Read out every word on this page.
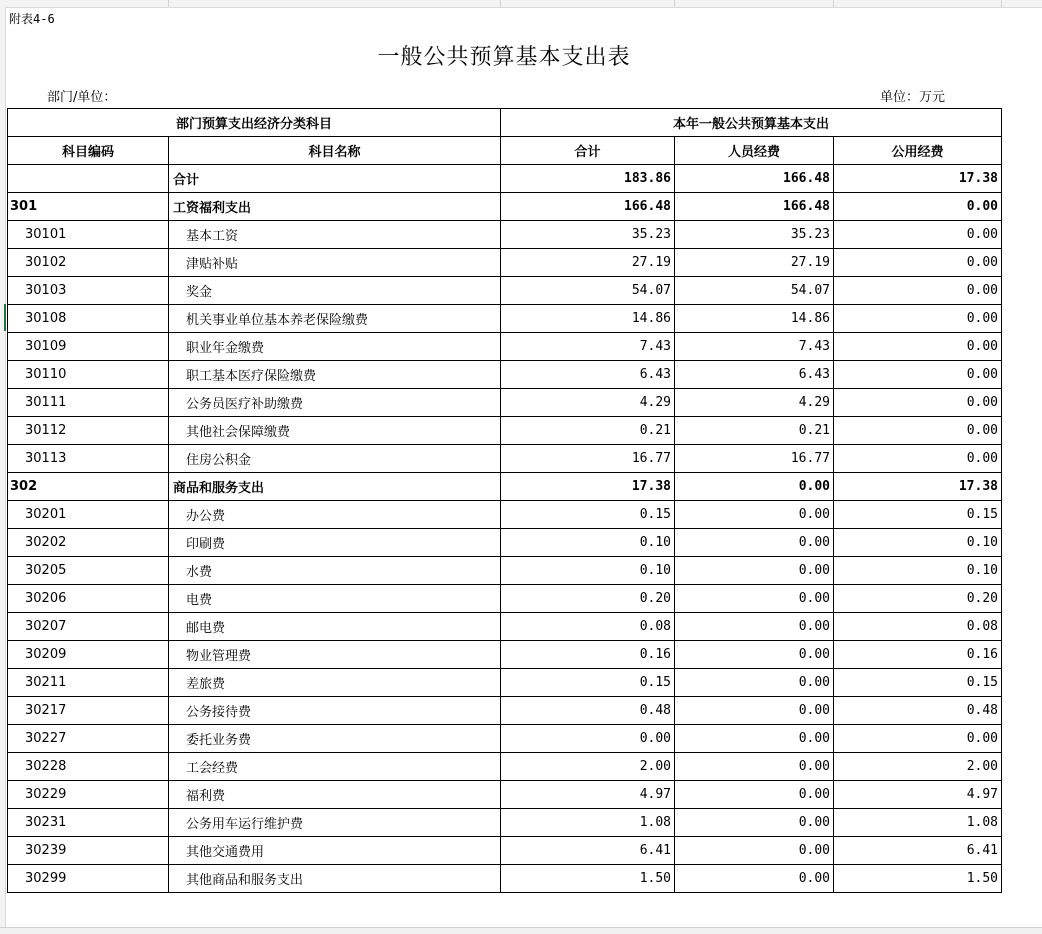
附表4-6
一般公共预算基本支出表
部门/单位：	单位：万元
部门预算支出经济分类科目		本年一般公共预算基本支出		
科目编码	科目名称	合计	人员经费	公用经费
	合计	183.86	166.48	17.38
301	工资福利支出	166.48	166.48	0.00
30101	基本工资	35.23	35.23	0.00
30102	津贴补贴	27.19	27.19	0.00
30103	奖金	54.07	54.07	0.00
30108	机关事业单位基本养老保险缴费	14.86	14.86	0.00
30109	职业年金缴费	7.43	7.43	0.00
30110	职工基本医疗保险缴费	6.43	6.43	0.00
30111	公务员医疗补助缴费	4.29	4.29	0.00
30112	其他社会保障缴费	0.21	0.21	0.00
30113	住房公积金	16.77	16.77	0.00
302	商品和服务支出	17.38	0.00	17.38
30201	办公费	0.15	0.00	0.15
30202	印刷费	0.10	0.00	0.10
30205	水费	0.10	0.00	0.10
30206	电费	0.20	0.00	0.20
30207	邮电费	0.08	0.00	0.08
30209	物业管理费	0.16	0.00	0.16
30211	差旅费	0.15	0.00	0.15
30217	公务接待费	0.48	0.00	0.48
30227	委托业务费	0.00	0.00	0.00
30228	工会经费	2.00	0.00	2.00
30229	福利费	4.97	0.00	4.97
30231	公务用车运行维护费	1.08	0.00	1.08
30239	其他交通费用	6.41	0.00	6.41
30299	其他商品和服务支出	1.50	0.00	1.50
